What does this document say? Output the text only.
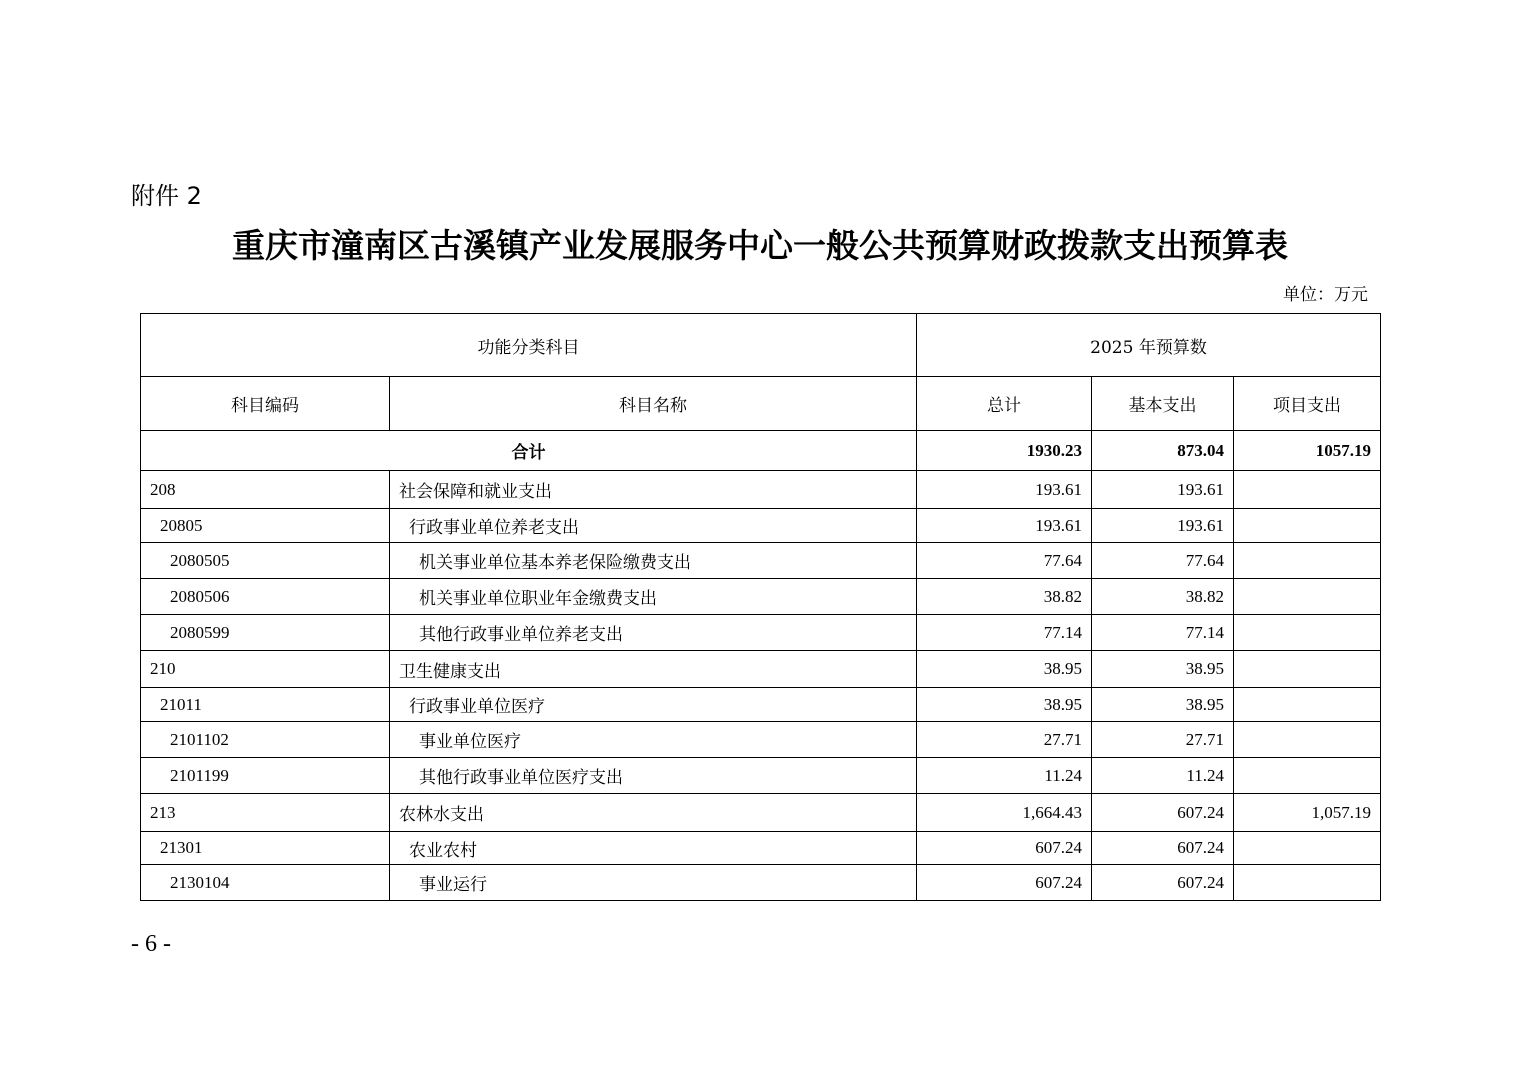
附件 2
重庆市潼南区古溪镇产业发展服务中心一般公共预算财政拨款支出预算表
单位：万元
功能分类科目		2025 年预算数		
科目编码	科目名称	总计	基本支出	项目支出
合计		1930.23	873.04	1057.19
208	社会保障和就业支出	193.61	193.61	
20805	行政事业单位养老支出	193.61	193.61	
2080505	机关事业单位基本养老保险缴费支出	77.64	77.64	
2080506	机关事业单位职业年金缴费支出	38.82	38.82	
2080599	其他行政事业单位养老支出	77.14	77.14	
210	卫生健康支出	38.95	38.95	
21011	行政事业单位医疗	38.95	38.95	
2101102	事业单位医疗	27.71	27.71	
2101199	其他行政事业单位医疗支出	11.24	11.24	
213	农林水支出	1,664.43	607.24	1,057.19
21301	农业农村	607.24	607.24	
2130104	事业运行	607.24	607.24	
- 6 -
